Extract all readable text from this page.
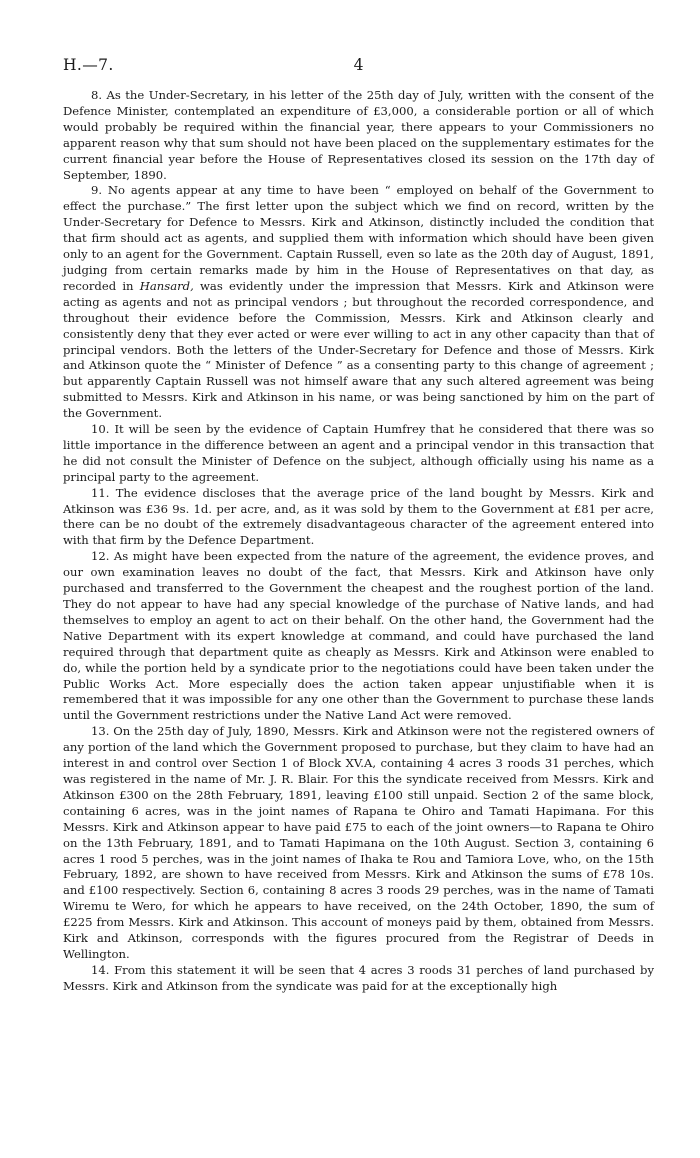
H.—7.	4

8. As the Under-Secretary, in his letter of the 25th day of July, written with the consent of the Defence Minister, contemplated an expenditure of £3,000, a considerable portion or all of which would probably be required within the financial year, there appears to your Commissioners no apparent reason why that sum should not have been placed on the supplementary estimates for the current financial year before the House of Representatives closed its session on the 17th day of September, 1890.

9. No agents appear at any time to have been “ employed on behalf of the Government to effect the purchase.” The first letter upon the subject which we find on record, written by the Under-Secretary for Defence to Messrs. Kirk and Atkinson, distinctly included the condition that that firm should act as agents, and supplied them with information which should have been given only to an agent for the Government. Captain Russell, even so late as the 20th day of August, 1891, judging from certain remarks made by him in the House of Representatives on that day, as recorded in Hansard, was evidently under the impression that Messrs. Kirk and Atkinson were acting as agents and not as principal vendors ; but throughout the recorded correspondence, and throughout their evidence before the Commission, Messrs. Kirk and Atkinson clearly and consistently deny that they ever acted or were ever willing to act in any other capacity than that of principal vendors. Both the letters of the Under-Secretary for Defence and those of Messrs. Kirk and Atkinson quote the “ Minister of Defence ” as a consenting party to this change of agreement ; but apparently Captain Russell was not himself aware that any such altered agreement was being submitted to Messrs. Kirk and Atkinson in his name, or was being sanctioned by him on the part of the Government.

10. It will be seen by the evidence of Captain Humfrey that he considered that there was so little importance in the difference between an agent and a principal vendor in this transaction that he did not consult the Minister of Defence on the subject, although officially using his name as a principal party to the agreement.

11. The evidence discloses that the average price of the land bought by Messrs. Kirk and Atkinson was £36 9s. 1d. per acre, and, as it was sold by them to the Government at £81 per acre, there can be no doubt of the extremely disadvantageous character of the agreement entered into with that firm by the Defence Department.

12. As might have been expected from the nature of the agreement, the evidence proves, and our own examination leaves no doubt of the fact, that Messrs. Kirk and Atkinson have only purchased and transferred to the Government the cheapest and the roughest portion of the land. They do not appear to have had any special knowledge of the purchase of Native lands, and had themselves to employ an agent to act on their behalf. On the other hand, the Government had the Native Department with its expert knowledge at command, and could have purchased the land required through that department quite as cheaply as Messrs. Kirk and Atkinson were enabled to do, while the portion held by a syndicate prior to the negotiations could have been taken under the Public Works Act. More especially does the action taken appear unjustifiable when it is remembered that it was impossible for any one other than the Government to purchase these lands until the Government restrictions under the Native Land Act were removed.

13. On the 25th day of July, 1890, Messrs. Kirk and Atkinson were not the registered owners of any portion of the land which the Government proposed to purchase, but they claim to have had an interest in and control over Section 1 of Block XV.A, containing 4 acres 3 roods 31 perches, which was registered in the name of Mr. J. R. Blair. For this the syndicate received from Messrs. Kirk and Atkinson £300 on the 28th February, 1891, leaving £100 still unpaid. Section 2 of the same block, containing 6 acres, was in the joint names of Rapana te Ohiro and Tamati Hapimana. For this Messrs. Kirk and Atkinson appear to have paid £75 to each of the joint owners—to Rapana te Ohiro on the 13th February, 1891, and to Tamati Hapimana on the 10th August. Section 3, containing 6 acres 1 rood 5 perches, was in the joint names of Ihaka te Rou and Tamiora Love, who, on the 15th February, 1892, are shown to have received from Messrs. Kirk and Atkinson the sums of £78 10s. and £100 respectively. Section 6, containing 8 acres 3 roods 29 perches, was in the name of Tamati Wiremu te Wero, for which he appears to have received, on the 24th October, 1890, the sum of £225 from Messrs. Kirk and Atkinson. This account of moneys paid by them, obtained from Messrs. Kirk and Atkinson, corresponds with the figures procured from the Registrar of Deeds in Wellington.

14. From this statement it will be seen that 4 acres 3 roods 31 perches of land purchased by Messrs. Kirk and Atkinson from the syndicate was paid for at the exceptionally high
